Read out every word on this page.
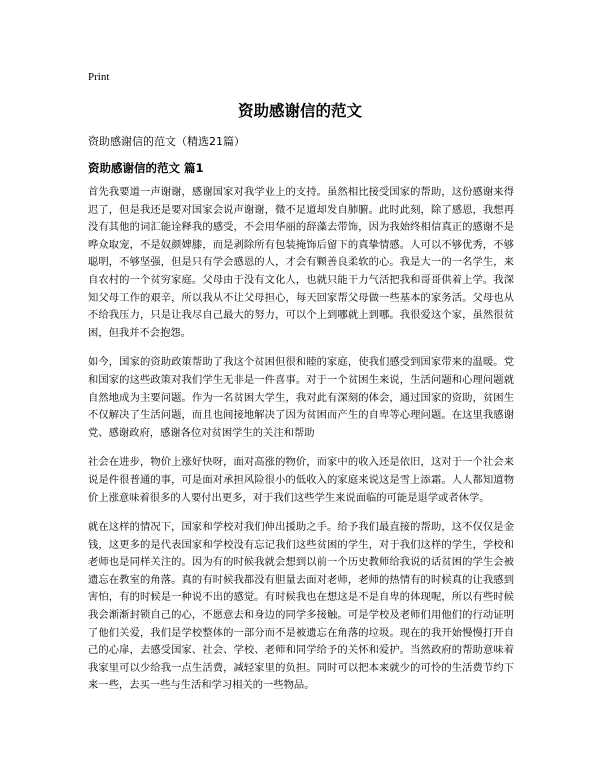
Print
资助感谢信的范文

资助感谢信的范文（精选21篇）

资助感谢信的范文 篇1

首先我要道一声谢谢，感谢国家对我学业上的支持。虽然相比接受国家的帮助，这份感谢来得迟了，但是我还是要对国家会说声谢谢，微不足道却发自肺腑。此时此刻，除了感恩，我想再没有其他的词汇能诠释我的感受，不会用华丽的辞藻去带饰，因为我始终相信真正的感谢不是哗众取宠，不是奴颜婢膝，而是剥除所有包装掩饰后留下的真挚情感。人可以不够优秀，不够聪明，不够坚强，但是只有学会感恩的人，才会有颗善良柔软的心。我是大一的一名学生，来自农村的一个贫穷家庭。父母由于没有文化人，也就只能干力气活把我和哥哥供着上学。我深知父母工作的艰辛，所以我从不让父母担心，每天回家帮父母做一些基本的家务活。父母也从不给我压力，只是让我尽自己最大的努力，可以个上到哪就上到哪。我很爱这个家，虽然很贫困，但我并不会抱怨。

如今，国家的资助政策帮助了我这个贫困但很和睦的家庭，使我们感受到国家带来的温暖。党和国家的这些政策对我们学生无非是一件喜事。对于一个贫困生来说，生活问题和心理问题就自然地成为主要问题。作为一名贫困大学生，我对此有深刻的体会，通过国家的资助，贫困生不仅解决了生活问题，而且也间接地解决了因为贫困而产生的自卑等心理问题。在这里我感谢党、感谢政府，感谢各位对贫困学生的关注和帮助

社会在进步，物价上涨好快呀，面对高涨的物价，而家中的收入还是依旧，这对于一个社会来说是件很普通的事，可是面对承担风险很小的低收入的家庭来说这是雪上添霜。人人都知道物价上涨意味着很多的人要付出更多，对于我们这些学生来说面临的可能是退学或者休学。

就在这样的情况下，国家和学校对我们伸出援助之手。给予我们最直接的帮助，这不仅仅是金钱，这更多的是代表国家和学校没有忘记我们这些贫困的学生，对于我们这样的学生，学校和老师也是同样关注的。因为有的时候我就会想到以前一个历史教师给我说的话贫困的学生会被遗忘在教室的角落。真的有时候我都没有胆量去面对老师，老师的热情有的时候真的让我感到害怕，有的时候是一种说不出的感觉。有时候我也在想这是不是自卑的体现呢，所以有些时候我会渐渐封锁自己的心，不愿意去和身边的同学多接触。可是学校及老师们用他们的行动证明了他们关爱，我们是学校整体的一部分而不是被遗忘在角落的垃圾。现在的我开始慢慢打开自己的心扉，去感受国家、社会、学校、老师和同学给予的关怀和爱护。当然政府的帮助意味着我家里可以少给我一点生活费，减轻家里的负担。同时可以把本来就少的可怜的生活费节约下来一些，去买一些与生活和学习相关的一些物品。
